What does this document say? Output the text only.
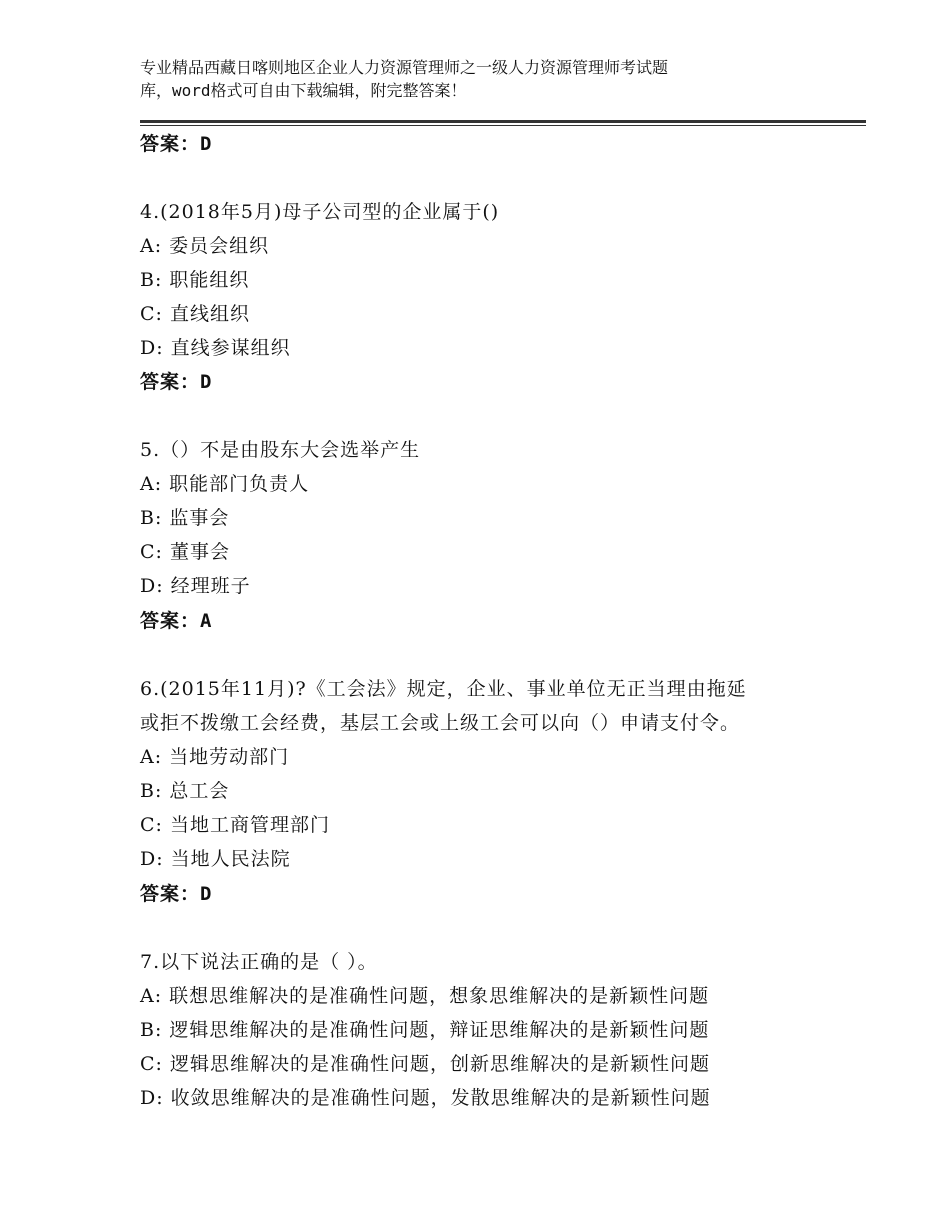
专业精品西藏日喀则地区企业人力资源管理师之一级人力资源管理师考试题
库，word格式可自由下载编辑，附完整答案！
答案：D
4.(2018年5月)母子公司型的企业属于()
A: 委员会组织
B: 职能组织
C: 直线组织
D: 直线参谋组织
答案：D
5.（）不是由股东大会选举产生
A: 职能部门负责人
B: 监事会
C: 董事会
D: 经理班子
答案：A
6.(2015年11月)?《工会法》规定，企业、事业单位无正当理由拖延
或拒不拨缴工会经费，基层工会或上级工会可以向（）申请支付令。
A: 当地劳动部门
B: 总工会
C: 当地工商管理部门
D: 当地人民法院
答案：D
7.以下说法正确的是（ ）。
A: 联想思维解决的是准确性问题，想象思维解决的是新颖性问题
B: 逻辑思维解决的是准确性问题，辩证思维解决的是新颖性问题
C: 逻辑思维解决的是准确性问题，创新思维解决的是新颖性问题
D: 收敛思维解决的是准确性问题，发散思维解决的是新颖性问题
